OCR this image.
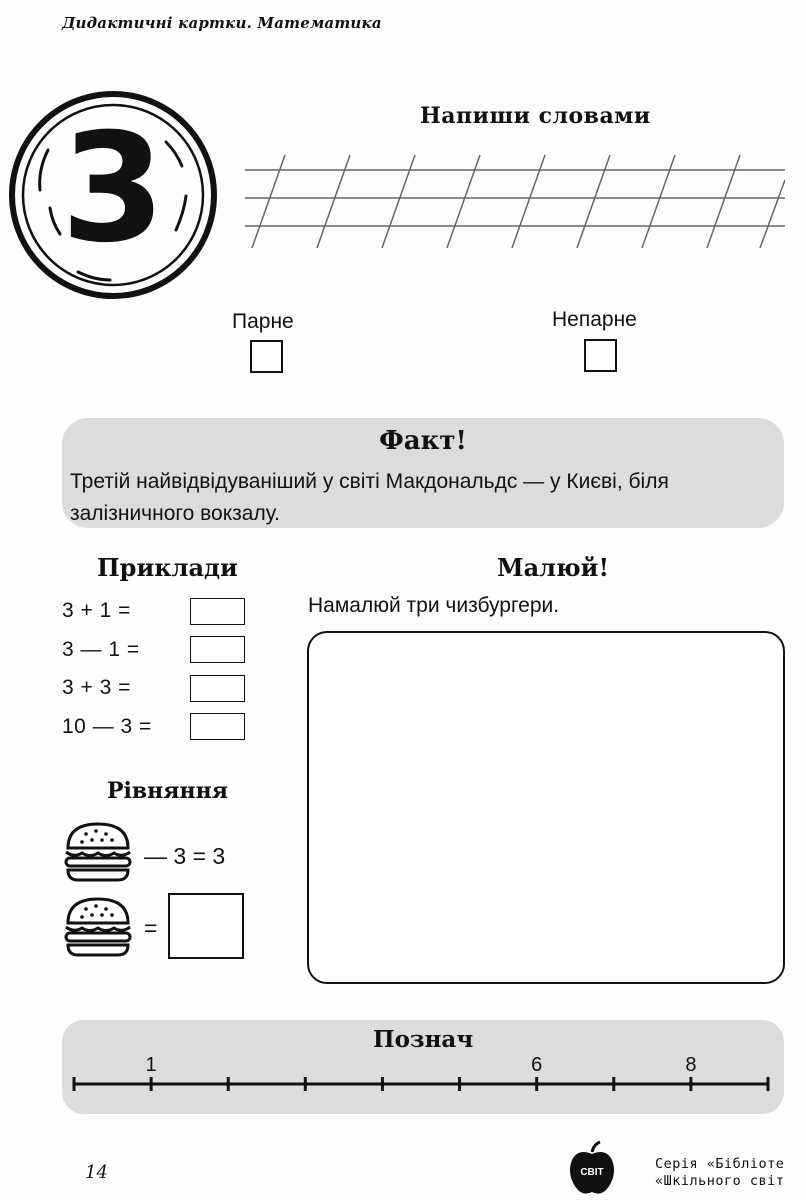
Дидактичні картки. Математика
3	Напиши словами
Парне	Непарне
Факт!
Третій найвідвідуваніший у світі Макдональдс — у Києві, біля залізничного вокзалу.
Приклади
3 + 1 =
3 — 1 =
3 + 3 =
10 — 3 =
Малюй!
Намалюй три чизбургери.
Рівняння
— 3 = 3
=
Познач
1	6	8
14	СВІТ
Серія «Бібліоте
«Шкільного світ
